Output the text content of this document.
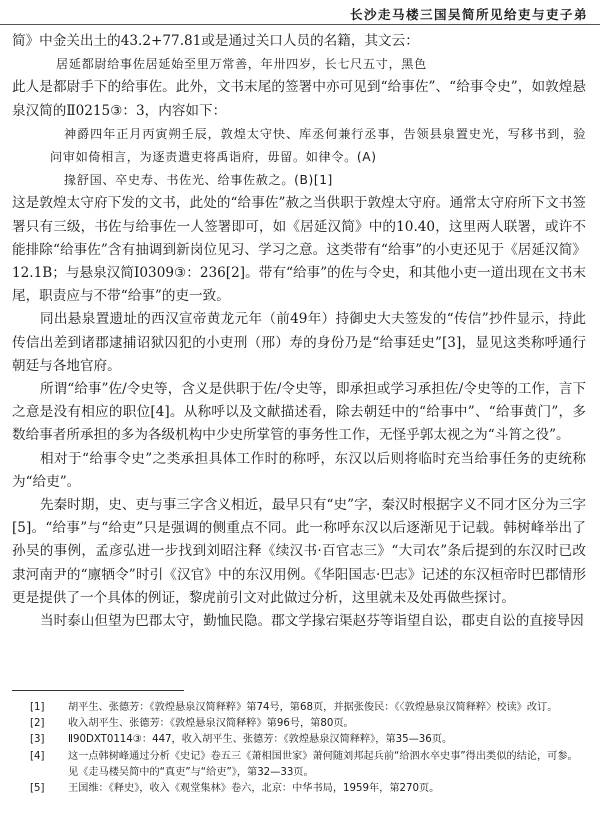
长沙走马楼三国吴简所见给吏与吏子弟

简》中金关出土的43.2+77.81或是通过关口人员的名籍，其文云：

居延都尉给事佐居延始至里万常善，年卅四岁，长七尺五寸，黑色

此人是都尉手下的给事佐。此外，文书末尾的签署中亦可见到“给事佐”、“给事令史”，如敦煌悬泉汉简的Ⅱ0215③：3，内容如下：

神爵四年正月丙寅朔壬辰，敦煌太守快、库丞何兼行丞事，告领县泉置史光，写移书到，验问审如倚相言，为逐责遣吏将禹诣府，毋留。如律令。(A)

掾舒国、卒史寿、书佐光、给事佐赦之。(B)[1]

这是敦煌太守府下发的文书，此处的“给事佐”赦之当供职于敦煌太守府。通常太守府所下文书签署只有三级，书佐与给事佐一人签署即可，如《居延汉简》中的10.40，这里两人联署，或许不能排除“给事佐”含有抽调到新岗位见习、学习之意。这类带有“给事”的小吏还见于《居延汉简》12.1B；与悬泉汉简Ⅰ0309③：236[2]。带有“给事”的佐与令史，和其他小吏一道出现在文书末尾，职责应与不带“给事”的吏一致。

同出悬泉置遗址的西汉宣帝黄龙元年（前49年）持御史大夫签发的“传信”抄件显示，持此传信出差到诸郡逮捕诏狱囚犯的小吏刑（邢）寿的身份乃是“给事廷史”[3]，显见这类称呼通行朝廷与各地官府。

所谓“给事”佐/令史等，含义是供职于佐/令史等，即承担或学习承担佐/令史等的工作，言下之意是没有相应的职位[4]。从称呼以及文献描述看，除去朝廷中的“给事中”、“给事黄门”，多数给事者所承担的多为各级机构中少史所掌管的事务性工作，无怪乎郭太视之为“斗筲之役”。

相对于“给事令史”之类承担具体工作时的称呼，东汉以后则将临时充当给事任务的吏统称为“给吏”。

先秦时期，史、吏与事三字含义相近，最早只有“史”字，秦汉时根据字义不同才区分为三字[5]。“给事”与“给吏”只是强调的侧重点不同。此一称呼东汉以后逐渐见于记载。韩树峰举出了孙吴的事例，孟彦弘进一步找到刘昭注释《续汉书·百官志三》“大司农”条后提到的东汉时已改隶河南尹的“廪牺令”时引《汉官》中的东汉用例。《华阳国志·巴志》记述的东汉桓帝时巴郡情形更是提供了一个具体的例证，黎虎前引文对此做过分析，这里就未及处再做些探讨。

当时泰山但望为巴郡太守，勤恤民隐。郡文学掾宕渠赵芬等诣望自讼，郡吏自讼的直接导因

[1] 胡平生、张德芳：《敦煌悬泉汉简释粹》第74号，第68页，并据张俊民：《〈敦煌悬泉汉简释粹〉校读》改订。
[2] 收入胡平生、张德芳：《敦煌悬泉汉简释粹》第96号，第80页。
[3] Ⅱ90DXT0114③：447，收入胡平生、张德芳：《敦煌悬泉汉简释粹》，第35—36页。
[4] 这一点韩树峰通过分析《史记》卷五三《萧相国世家》萧何随刘邦起兵前“给泗水卒史事”得出类似的结论，可参。见《走马楼吴简中的“真吏”与“给吏”》，第32—33页。
[5] 王国维：《释史》，收入《观堂集林》卷六，北京：中华书局，1959年，第270页。
